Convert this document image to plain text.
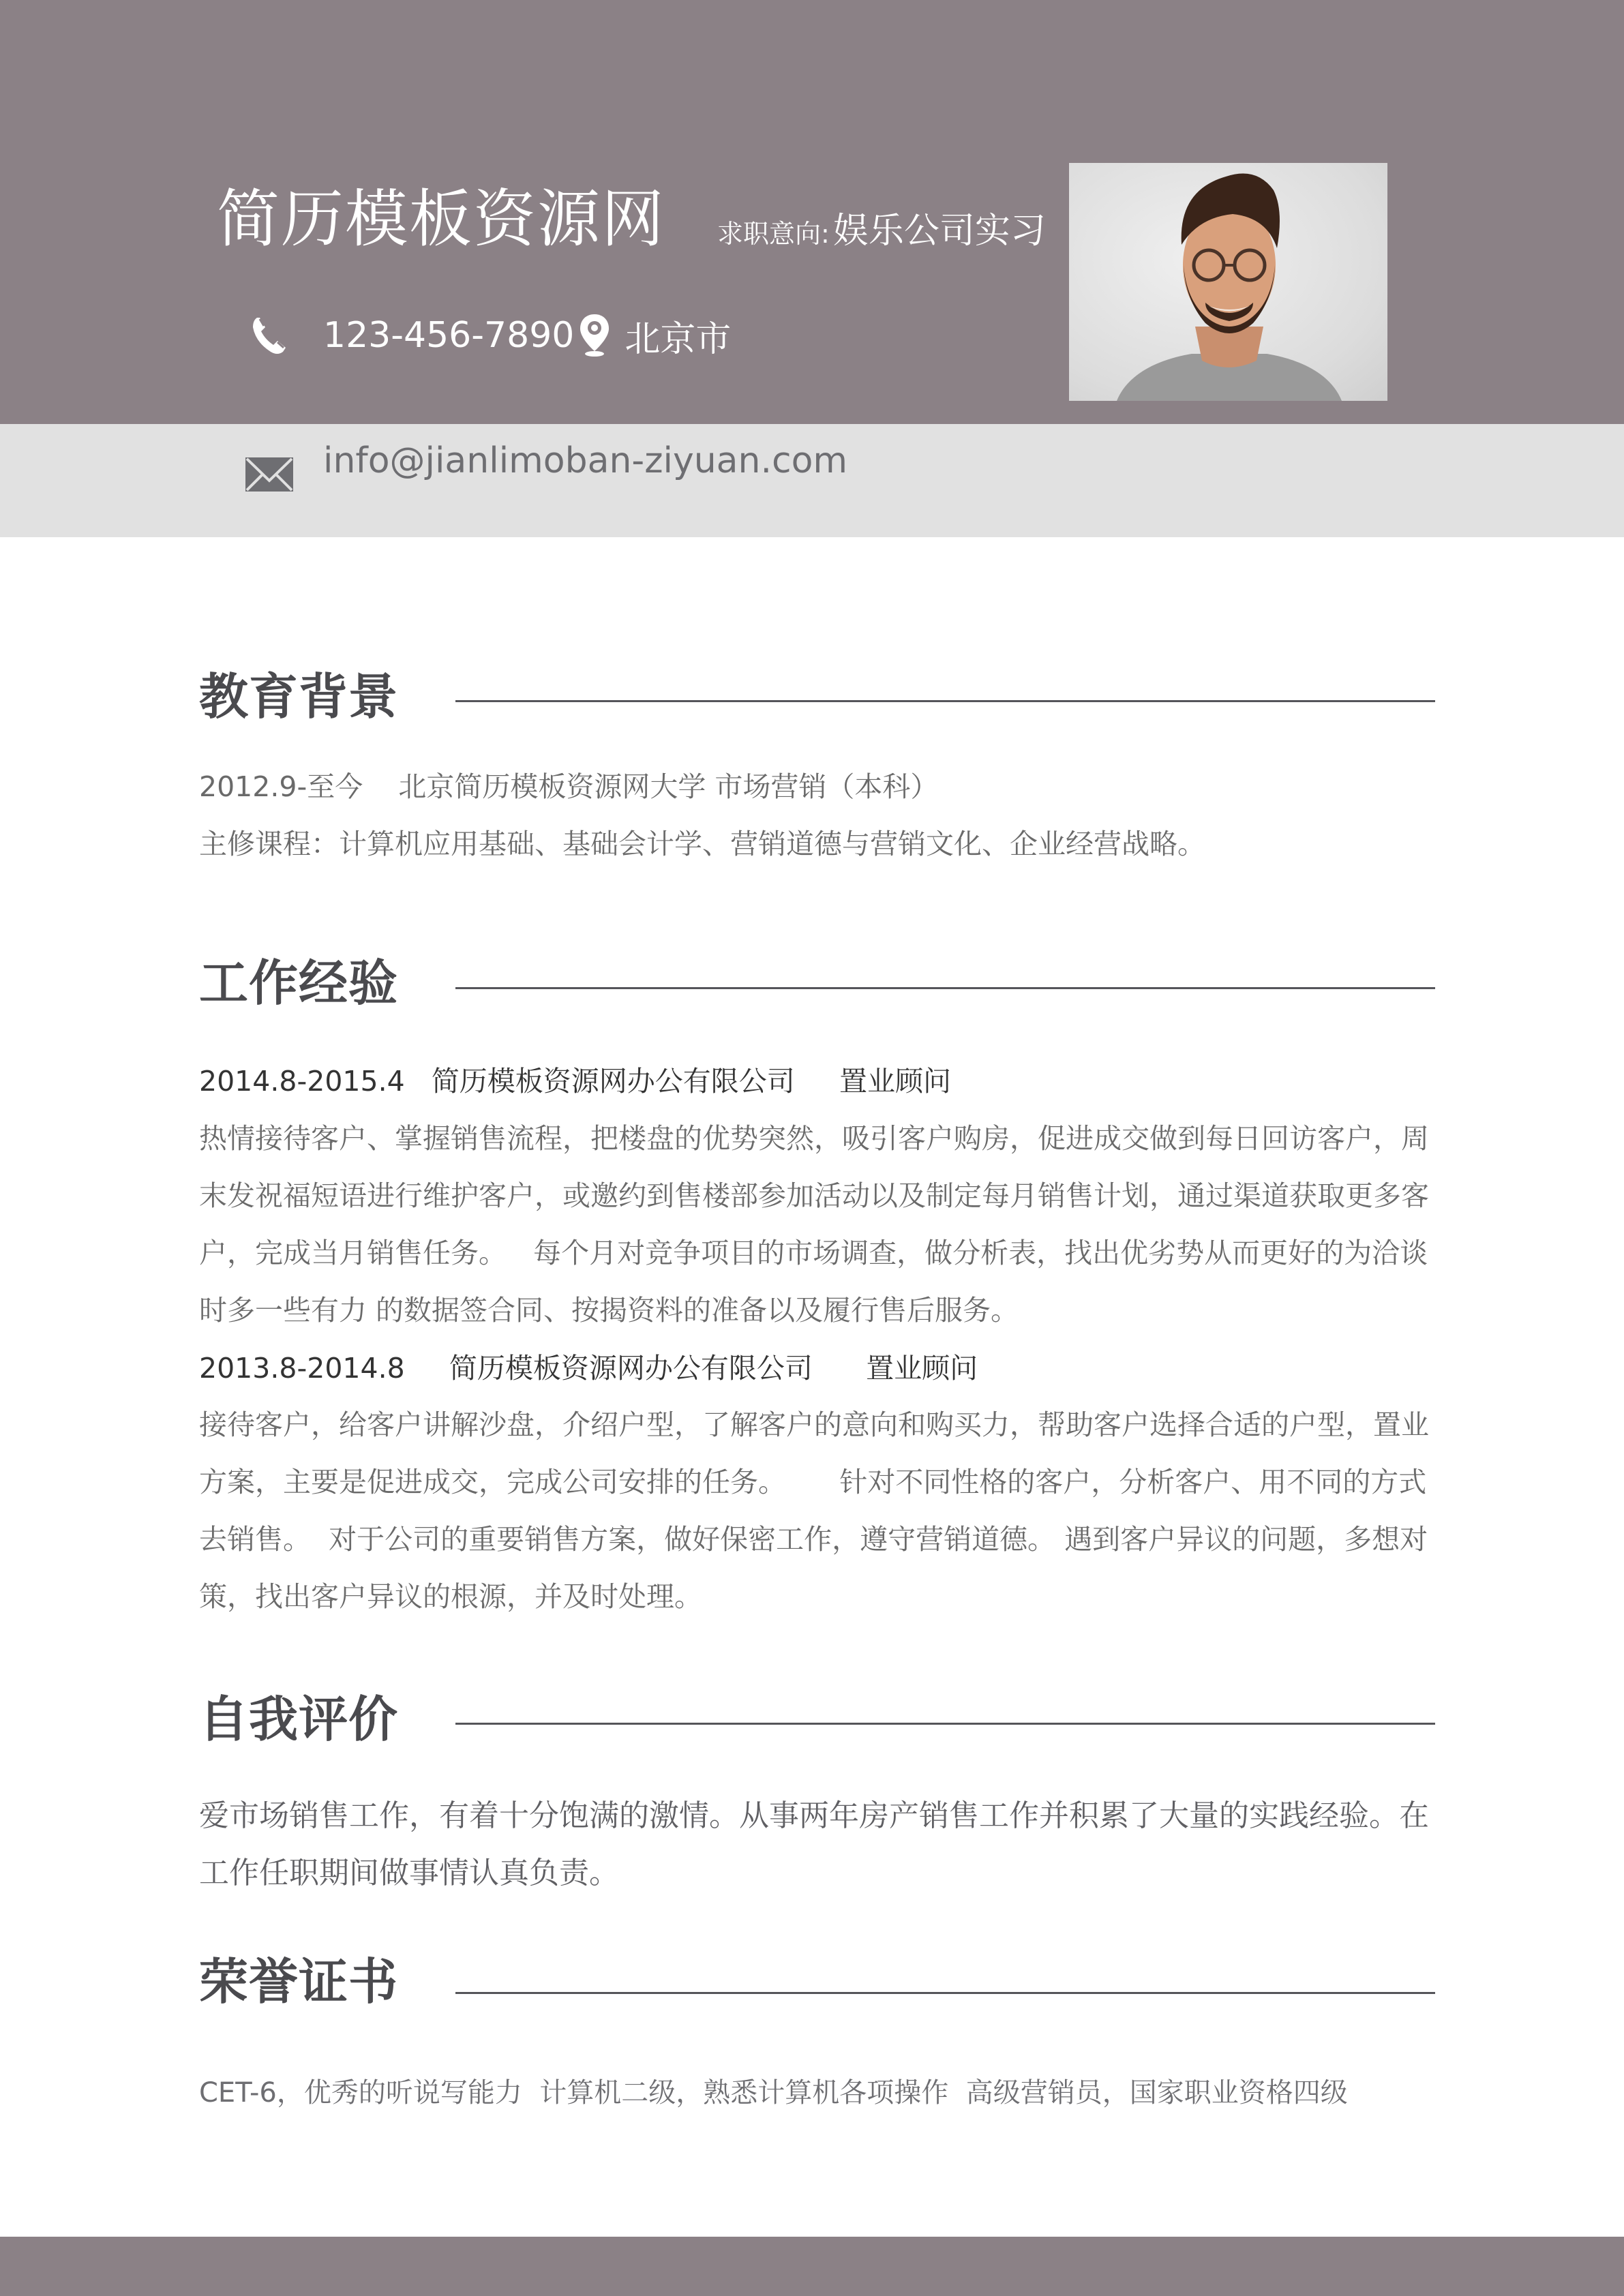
简历模板资源网 求职意向: 娱乐公司实习
123-456-7890 北京市
info@jianlimoban-ziyuan.com
教育背景
2012.9-至今    北京简历模板资源网大学 市场营销（本科）
主修课程：计算机应用基础、基础会计学、营销道德与营销文化、企业经营战略。
工作经验
2014.8-2015.4   简历模板资源网办公有限公司     置业顾问
热情接待客户、掌握销售流程，把楼盘的优势突然，吸引客户购房，促进成交做到每日回访客户，周末发祝福短语进行维护客户，或邀约到售楼部参加活动以及制定每月销售计划，通过渠道获取更多客户，完成当月销售任务。   每个月对竞争项目的市场调查，做分析表，找出优劣势从而更好的为洽谈时多一些有力 的数据签合同、按揭资料的准备以及履行售后服务。
2013.8-2014.8     简历模板资源网办公有限公司      置业顾问
接待客户，给客户讲解沙盘，介绍户型，了解客户的意向和购买力，帮助客户选择合适的户型，置业方案，主要是促进成交，完成公司安排的任务。      针对不同性格的客户，分析客户、用不同的方式去销售。  对于公司的重要销售方案，做好保密工作，遵守营销道德。 遇到客户异议的问题，多想对策，找出客户异议的根源，并及时处理。
自我评价
爱市场销售工作，有着十分饱满的激情。从事两年房产销售工作并积累了大量的实践经验。在工作任职期间做事情认真负责。
荣誉证书
CET-6，优秀的听说写能力  计算机二级，熟悉计算机各项操作  高级营销员，国家职业资格四级
